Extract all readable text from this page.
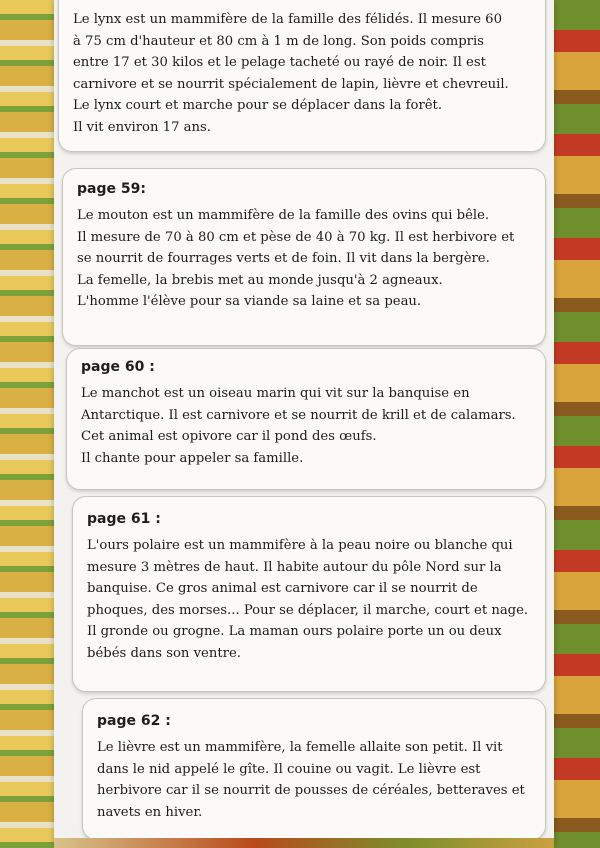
Le lynx est un mammifère de la famille des félidés. Il mesure 60

à 75 cm d'hauteur et 80 cm à 1 m de long. Son poids compris

entre 17 et 30 kilos et le pelage tacheté ou rayé de noir. Il est

carnivore et se nourrit spécialement de lapin, lièvre et chevreuil.

Le lynx court et marche pour se déplacer dans la forêt.

Il vit environ 17 ans.

page 59:

Le mouton est un mammifère de la famille des ovins qui bêle.

Il mesure de 70 à 80 cm et pèse de 40 à 70 kg. Il est herbivore et

se nourrit de fourrages verts et de foin. Il vit dans la bergère.

La femelle, la brebis met au monde jusqu'à 2 agneaux.

L'homme l'élève pour sa viande sa laine et sa peau.

page 60 :

Le manchot est un oiseau marin qui vit sur la banquise en

Antarctique. Il est carnivore et se nourrit de krill et de calamars.

Cet animal est opivore car il pond des œufs.

Il chante pour appeler sa famille.

page 61 :

L'ours polaire est un mammifère à la peau noire ou blanche qui

mesure 3 mètres de haut. Il habite autour du pôle Nord sur la

banquise. Ce gros animal est carnivore car il se nourrit de

phoques, des morses... Pour se déplacer, il marche, court et nage.

Il gronde ou grogne. La maman ours polaire porte un ou deux

bébés dans son ventre.

page 62 :

Le lièvre est un mammifère, la femelle allaite son petit. Il vit

dans le nid appelé le gîte. Il couine ou vagit. Le lièvre est

herbivore car il se nourrit de pousses de céréales, betteraves et

navets en hiver.
